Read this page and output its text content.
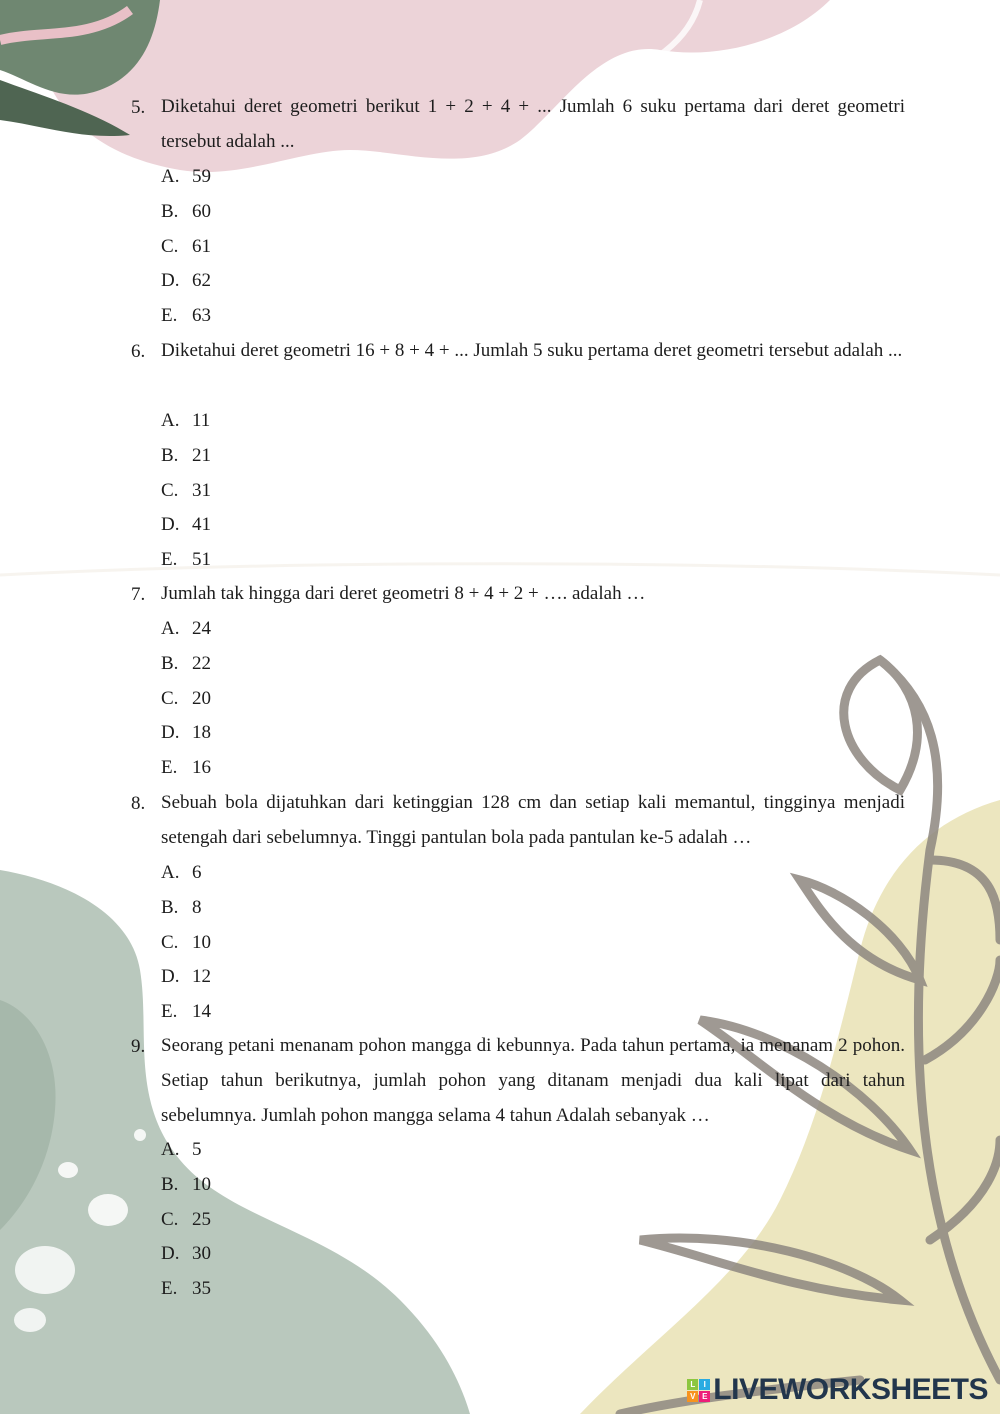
5. Diketahui deret geometri berikut 1 + 2 + 4 + ... Jumlah 6 suku pertama dari deret geometri tersebut adalah ...
A. 59
B. 60
C. 61
D. 62
E. 63
6. Diketahui deret geometri 16 + 8 + 4 + ... Jumlah 5 suku pertama deret geometri tersebut adalah ...
A. 11
B. 21
C. 31
D. 41
E. 51
7. Jumlah tak hingga dari deret geometri 8 + 4 + 2 + …. adalah …
A. 24
B. 22
C. 20
D. 18
E. 16
8. Sebuah bola dijatuhkan dari ketinggian 128 cm dan setiap kali memantul, tingginya menjadi setengah dari sebelumnya. Tinggi pantulan bola pada pantulan ke-5 adalah …
A. 6
B. 8
C. 10
D. 12
E. 14
9. Seorang petani menanam pohon mangga di kebunnya. Pada tahun pertama, ia menanam 2 pohon. Setiap tahun berikutnya, jumlah pohon yang ditanam menjadi dua kali lipat dari tahun sebelumnya. Jumlah pohon mangga selama 4 tahun Adalah sebanyak …
A. 5
B. 10
C. 25
D. 30
E. 35
L	I
V E LIVEWORKSHEETS
